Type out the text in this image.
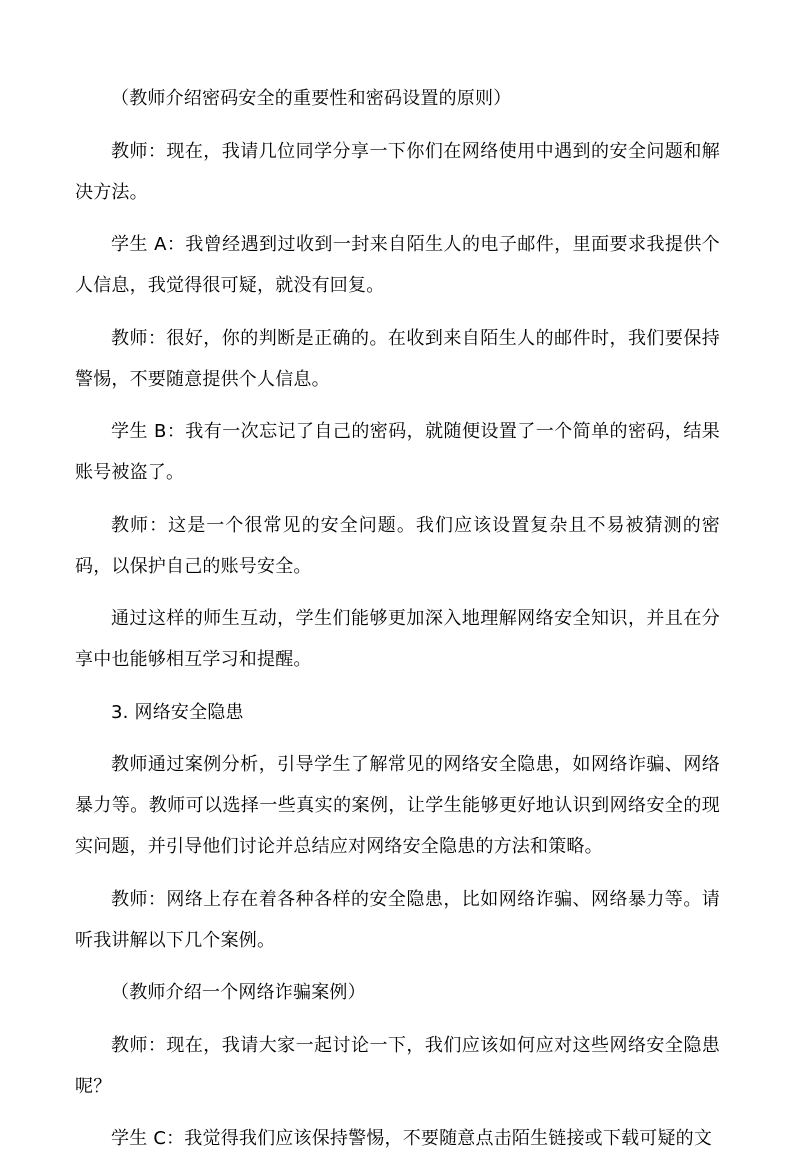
（教师介绍密码安全的重要性和密码设置的原则）

教师：现在，我请几位同学分享一下你们在网络使用中遇到的安全问题和解决方法。

学生 A：我曾经遇到过收到一封来自陌生人的电子邮件，里面要求我提供个人信息，我觉得很可疑，就没有回复。

教师：很好，你的判断是正确的。在收到来自陌生人的邮件时，我们要保持警惕，不要随意提供个人信息。

学生 B：我有一次忘记了自己的密码，就随便设置了一个简单的密码，结果账号被盗了。

教师：这是一个很常见的安全问题。我们应该设置复杂且不易被猜测的密码，以保护自己的账号安全。

通过这样的师生互动，学生们能够更加深入地理解网络安全知识，并且在分享中也能够相互学习和提醒。

3. 网络安全隐患

教师通过案例分析，引导学生了解常见的网络安全隐患，如网络诈骗、网络暴力等。教师可以选择一些真实的案例，让学生能够更好地认识到网络安全的现实问题，并引导他们讨论并总结应对网络安全隐患的方法和策略。

教师：网络上存在着各种各样的安全隐患，比如网络诈骗、网络暴力等。请听我讲解以下几个案例。

（教师介绍一个网络诈骗案例）

教师：现在，我请大家一起讨论一下，我们应该如何应对这些网络安全隐患呢？

学生 C：我觉得我们应该保持警惕，不要随意点击陌生链接或下载可疑的文
